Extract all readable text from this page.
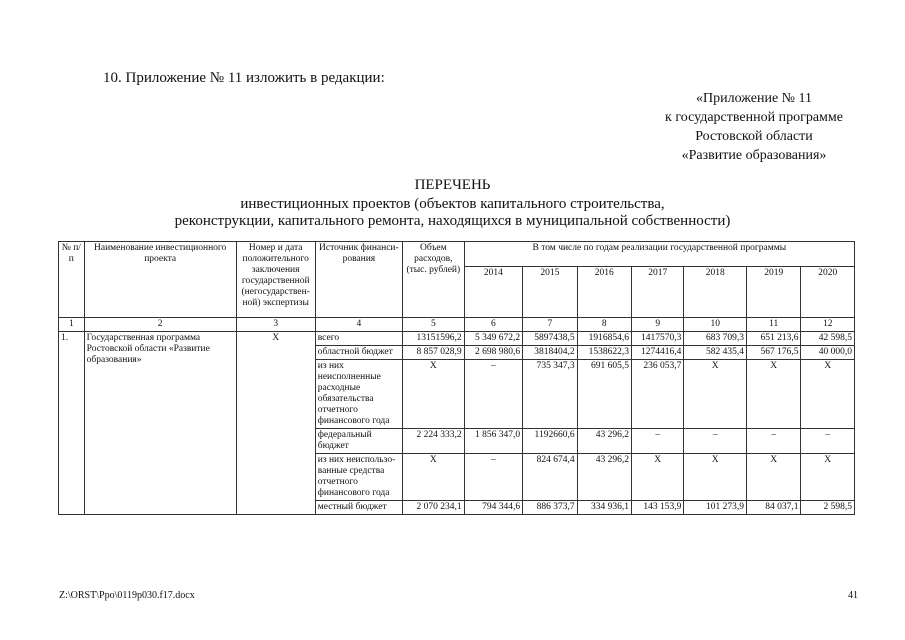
10. Приложение № 11 изложить в редакции:
«Приложение № 11
к государственной программе
Ростовской области
«Развитие образования»
ПЕРЕЧЕНЬ
инвестиционных проектов (объектов капитального строительства,
реконструкции, капитального ремонта, находящихся в муниципальной собственности)
№ п/п	Наименование инвестиционного проекта	Номер и дата положительного заключения государственной (негосударствен-ной) экспертизы	Источник финанси-рования	Объем расходов, (тыс. рублей)	В том числе по годам реализации государственной программы						
					2014	2015	2016	2017	2018	2019	2020
1	2	3	4	5	6	7	8	9	10	11	12
1.	Государственная программа Ростовской области «Развитие образования»	Х	всего	13151596,2	5 349 672,2	5897438,5	1916854,6	1417570,3	683 709,3	651 213,6	42 598,5
			областной бюджет	8 857 028,9	2 698 980,6	3818404,2	1538622,3	1274416,4	582 435,4	567 176,5	40 000,0
			из них неисполненные расходные обязательства отчетного финансового года	Х	–	735 347,3	691 605,5	236 053,7	Х	Х	Х
			федеральный бюджет	2 224 333,2	1 856 347,0	1192660,6	43 296,2	–	–	–	–
			из них неиспользо-ванные средства отчетного финансового года	Х	–	824 674,4	43 296,2	Х	Х	Х	Х
			местный бюджет	2 070 234,1	794 344,6	886 373,7	334 936,1	143 153,9	101 273,9	84 037,1	2 598,5
Z:\ORST\Ppo\0119p030.f17.docx	41
